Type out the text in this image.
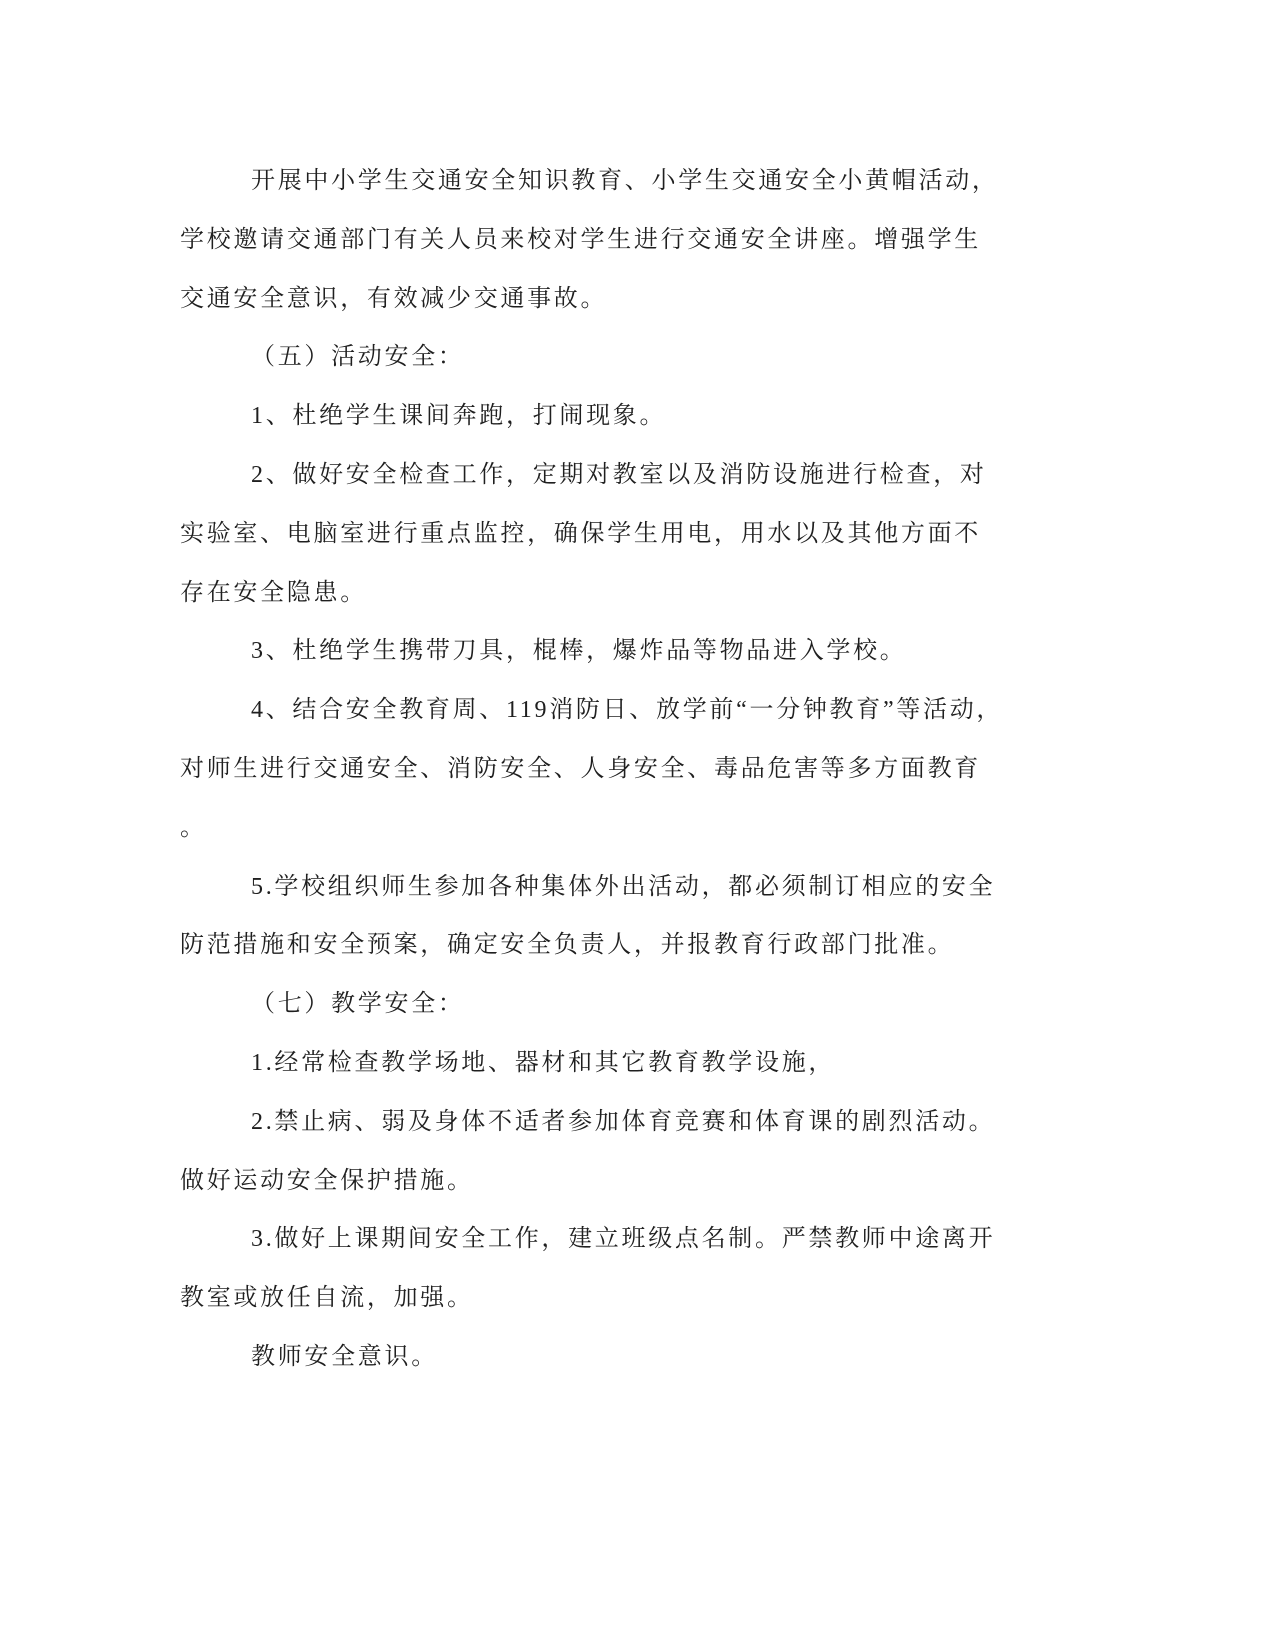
开展中小学生交通安全知识教育、小学生交通安全小黄帽活动，
学校邀请交通部门有关人员来校对学生进行交通安全讲座。增强学生
交通安全意识，有效减少交通事故。
（五）活动安全：
1、杜绝学生课间奔跑，打闹现象。
2、做好安全检查工作，定期对教室以及消防设施进行检查，对
实验室、电脑室进行重点监控，确保学生用电，用水以及其他方面不
存在安全隐患。
3、杜绝学生携带刀具，棍棒，爆炸品等物品进入学校。
4、结合安全教育周、119消防日、放学前“一分钟教育”等活动，
对师生进行交通安全、消防安全、人身安全、毒品危害等多方面教育
。
5.学校组织师生参加各种集体外出活动，都必须制订相应的安全
防范措施和安全预案，确定安全负责人，并报教育行政部门批准。
（七）教学安全：
1.经常检查教学场地、器材和其它教育教学设施，
2.禁止病、弱及身体不适者参加体育竞赛和体育课的剧烈活动。
做好运动安全保护措施。
3.做好上课期间安全工作，建立班级点名制。严禁教师中途离开
教室或放任自流，加强。
教师安全意识。
